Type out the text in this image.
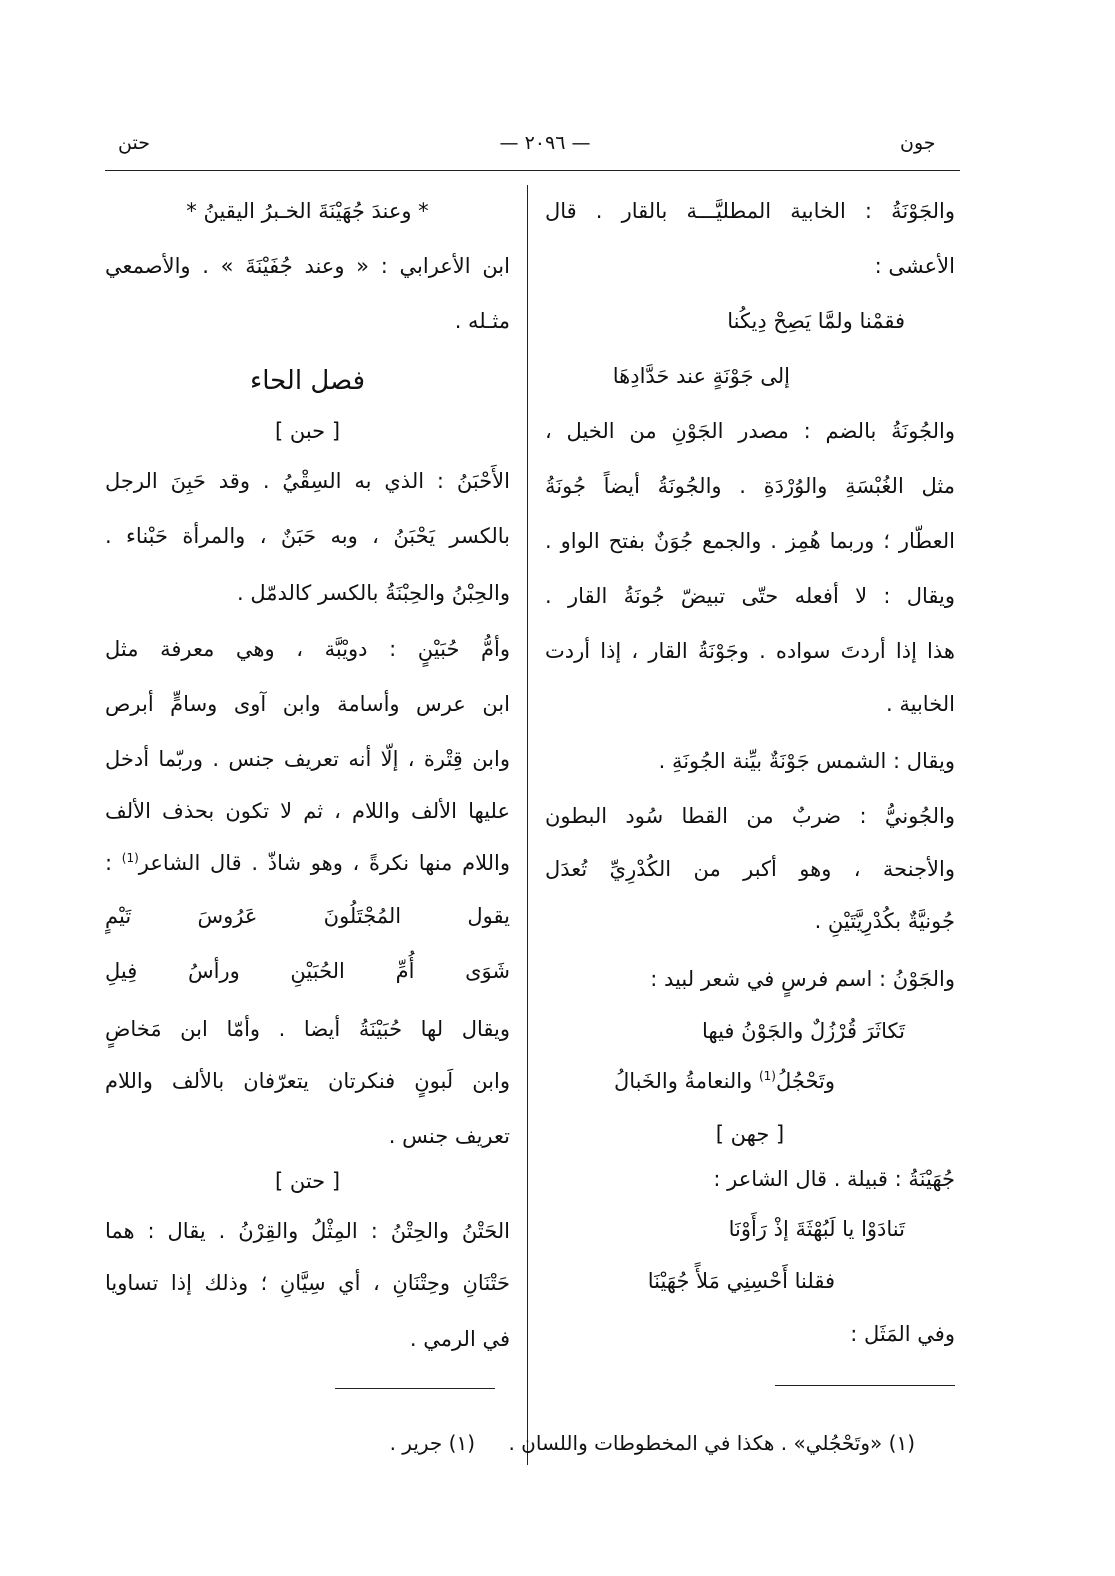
حتن	— ٢٠٩٦ —	جون
والجَوْنَةُ : الخابية المطليَّـــة بالقار . قال
الأعشى :
فقمْنا ولمَّا يَصِحْ دِيكُنا
إلى جَوْنَةٍ عند حَدَّادِهَا
والجُونَةُ بالضم : مصدر الجَوْنِ من الخيل ،
مثل الغُبْسَةِ والوُرْدَةِ . والجُونَةُ أيضاً جُونَةُ
العطّار ؛ وربما هُمِز . والجمع جُوَنٌ بفتح الواو .
ويقال : لا أفعله حتّى تبيضّ جُونَةُ القار .
هذا إذا أردتَ سواده . وجَوْنَةُ القار ، إذا أردت
الخابية .
ويقال : الشمس جَوْنَةٌ بيِّنة الجُونَةِ .
والجُونيُّ : ضربٌ من القطا سُود البطون
والأجنحة ، وهو أكبر من الكُدْرِيِّ تُعدَل
جُونيَّةٌ بكُدْرِيَّتَيْنِ .
والجَوْنُ : اسم فرسٍ في شعر لبيد :
تَكاثَرَ قُرْزُلٌ والجَوْنُ فيها
وتَحْجُلُ$^{(1)}$ والنعامةُ والخَبالُ
[ جهن ]
جُهَيْنَةُ : قبيلة . قال الشاعر :
تَنادَوْا يا لَبُهْثَةَ إذْ رَأَوْنَا
فقلنا أَحْسِنِي مَلأً جُهَيْنَا
وفي المَثَل :
(١) «وتَحْجُلي» . هكذا في المخطوطات واللسان .
* وعندَ جُهَيْنَةَ الخـبرُ اليقينُ *
ابن الأعرابي : « وعند جُفَيْنَةَ » . والأصمعي
مثـله .
فصل الحاء
[ حبن ]
الأَحْبَنُ : الذي به السِقْيُ . وقد حَبِنَ الرجل
بالكسر يَحْبَنُ ، وبه حَبَنٌ ، والمرأة حَبْناء .
والحِبْنُ والحِبْنَةُ بالكسر كالدمّل .
وأمُّ حُبَيْنٍ : دويْبَّة ، وهي معرفة مثل
ابن عرس وأسامة وابن آوى وسامٍّ أبرص
وابن قِتْرة ، إلّا أنه تعريف جنس . وربّما أدخل
عليها الألف واللام ، ثم لا تكون بحذف الألف
واللام منها نكرةً ، وهو شاذّ . قال الشاعر$^{(1)}$ :
يقول المُجْتَلُونَ عَرُوسَ تَيْمٍ
شَوَى أُمِّ الحُبَيْنِ ورأسُ فِيلِ
ويقال لها حُبَيْنَةُ أيضا . وأمّا ابن مَخاضٍ
وابن لَبونٍ فنكرتان يتعرّفان بالألف واللام
تعريف جنس .
[ حتن ]
الحَتْنُ والحِتْنُ : المِثْلُ والقِرْنُ . يقال : هما
حَتْنَانِ وحِتْنَانِ ، أي سِيَّانِ ؛ وذلك إذا تساويا
في الرمي .
(١) جرير .
